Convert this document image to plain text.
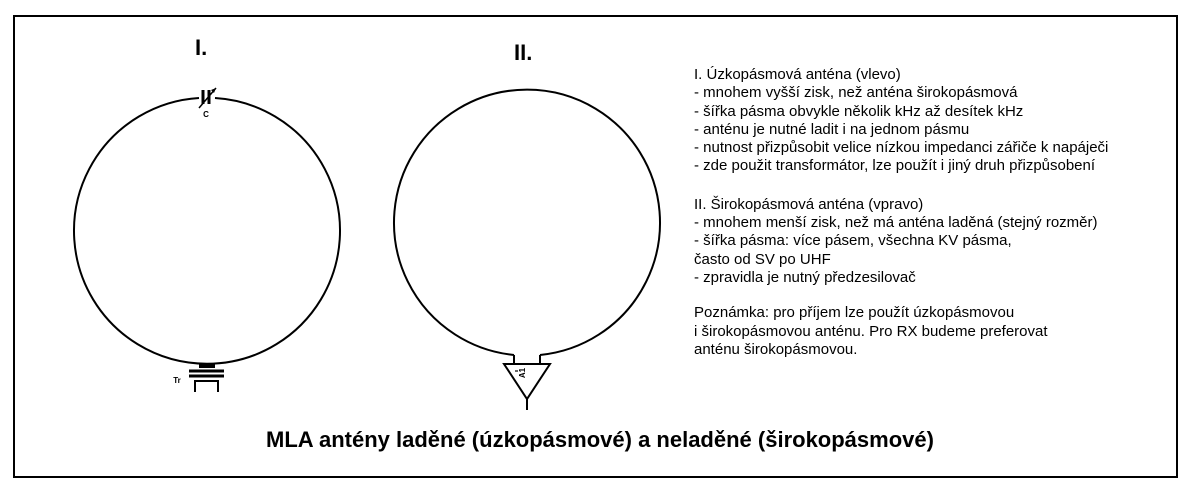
C
Tr
A1
I.	II.
I. Úzkopásmová anténa (vlevo)
- mnohem vyšší zisk, než anténa širokopásmová
- šířka pásma obvykle několik kHz až desítek kHz
- anténu je nutné ladit i na jednom pásmu
- nutnost přizpůsobit velice nízkou impedanci zářiče k napáječi
- zde použit transformátor, lze použít i jiný druh přizpůsobení
II. Širokopásmová anténa (vpravo)
- mnohem menší zisk, než má anténa laděná (stejný rozměr)
- šířka pásma: více pásem, všechna KV pásma,
často od SV po UHF
- zpravidla je nutný předzesilovač
Poznámka: pro příjem lze použít úzkopásmovou
i širokopásmovou anténu. Pro RX budeme preferovat
anténu širokopásmovou.
MLA antény laděné (úzkopásmové) a neladěné (širokopásmové)
